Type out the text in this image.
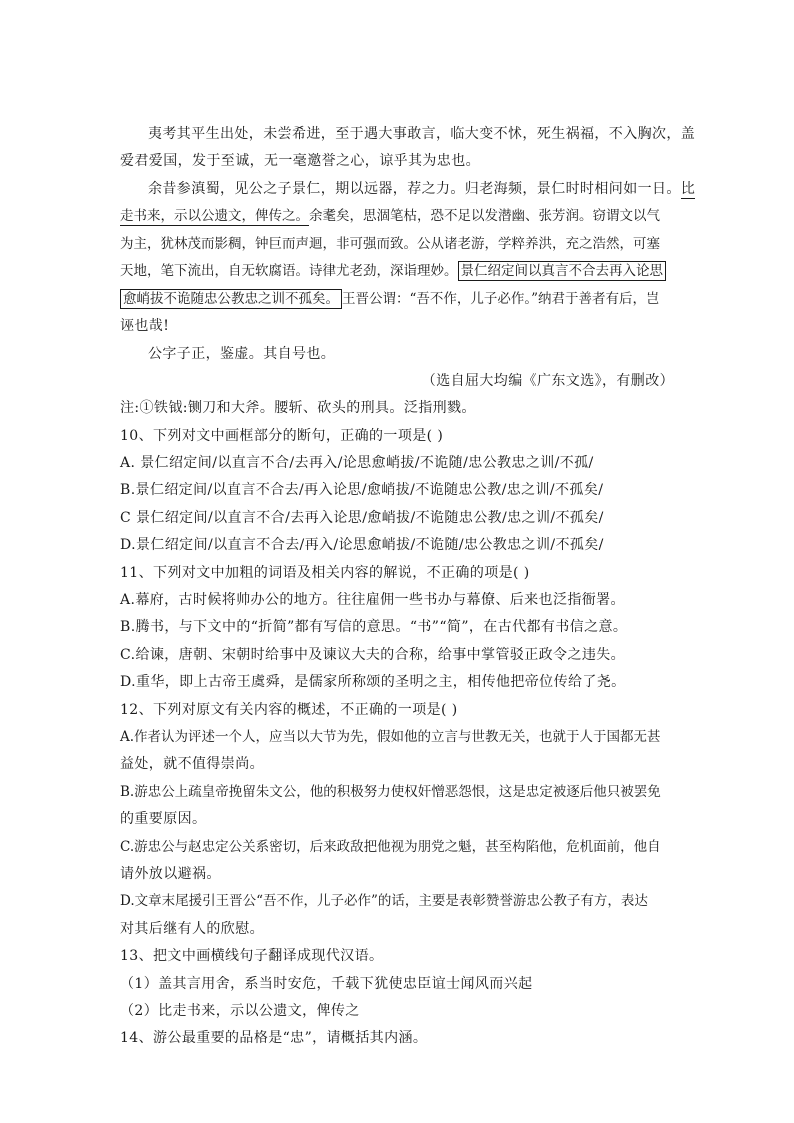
夷考其平生出处，未尝希进，至于遇大事敢言，临大变不怵，死生祸福，不入胸次，盖
爱君爱国，发于至诚，无一毫邀誉之心，谅乎其为忠也。
余昔参滇蜀，见公之子景仁，期以远器，荐之力。归老海频，景仁时时相问如一日。比
走书来，示以公遗文，俾传之。余耄矣，思涸笔枯，恐不足以发潜幽、张芳润。窃谓文以气
为主，犹林茂而影稠，钟巨而声迴，非可强而致。公从诸老游，学粹养洪，充之浩然，可塞
天地，笔下流出，自无软腐语。诗律尤老劲，深诣理妙。 景仁绍定间以真言不合去再入论思
愈峭拔不诡随忠公教忠之训不孤矣。 王晋公谓：“吾不作，儿子必作。”纳君于善者有后，岂
诬也哉!
公字子正，鉴虚。其自号也。
（选自屈大均编《广东文选》，有删改）
注:①铁钺:铡刀和大斧。腰斩、砍头的刑具。泛指刑戮。
10、下列对文中画框部分的断句，正确的一项是( )
A. 景仁绍定间/以直言不合/去再入/论思愈峭拔/不诡随/忠公教忠之训/不孤/
B.景仁绍定间/以直言不合去/再入论思/愈峭拔/不诡随忠公教/忠之训/不孤矣/
C 景仁绍定间/以直言不合/去再入论思/愈峭拔/不诡随忠公教/忠之训/不孤矣/
D.景仁绍定间/以直言不合去/再入/论思愈峭拔/不诡随/忠公教忠之训/不孤矣/
11、下列对文中加粗的词语及相关内容的解说，不正确的项是( )
A.幕府，古时候将帅办公的地方。往往雇佣一些书办与幕僚、后来也泛指衙署。
B.腾书，与下文中的“折简”都有写信的意思。“书”“简”，在古代都有书信之意。
C.给谏，唐朝、宋朝时给事中及谏议大夫的合称，给事中掌管驳正政令之违失。
D.重华，即上古帝王虞舜，是儒家所称颂的圣明之主，相传他把帝位传给了尧。
12、下列对原文有关内容的概述，不正确的一项是( )
A.作者认为评述一个人，应当以大节为先，假如他的立言与世教无关，也就于人于国都无甚
益处，就不值得崇尚。
B.游忠公上疏皇帝挽留朱文公，他的积极努力使权奸憎恶怨恨，这是忠定被逐后他只被罢免
的重要原因。
C.游忠公与赵忠定公关系密切，后来政敌把他视为朋党之魁，甚至构陷他，危机面前，他自
请外放以避祸。
D.文章末尾援引王晋公“吾不作，儿子必作”的话，主要是表彰赞誉游忠公教子有方，表达
对其后继有人的欣慰。
13、把文中画横线句子翻译成现代汉语。
（1）盖其言用舍，系当时安危，千载下犹使忠臣谊士闻风而兴起
（2）比走书来，示以公遗文，俾传之
14、游公最重要的品格是“忠”，请概括其内涵。
